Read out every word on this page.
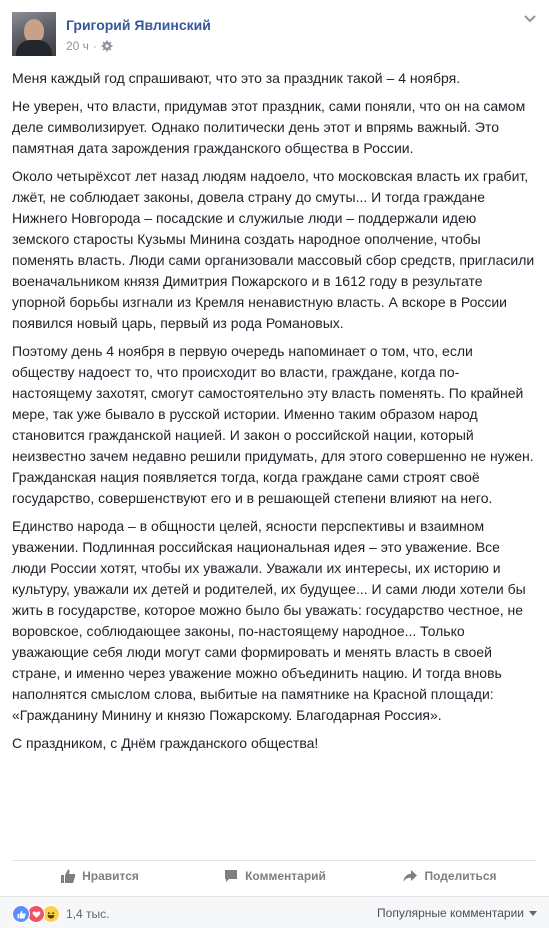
Григорий Явлинский
20 ч ·

Меня каждый год спрашивают, что это за праздник такой – 4 ноября.

Не уверен, что власти, придумав этот праздник, сами поняли, что он на самом деле символизирует. Однако политически день этот и впрямь важный. Это памятная дата зарождения гражданского общества в России.

Около четырёхсот лет назад людям надоело, что московская власть их грабит, лжёт, не соблюдает законы, довела страну до смуты... И тогда граждане Нижнего Новгорода – посадские и служилые люди – поддержали идею земского старосты Кузьмы Минина создать народное ополчение, чтобы поменять власть. Люди сами организовали массовый сбор средств, пригласили военачальником князя Димитрия Пожарского и в 1612 году в результате упорной борьбы изгнали из Кремля ненавистную власть. А вскоре в России появился новый царь, первый из рода Романовых.

Поэтому день 4 ноября в первую очередь напоминает о том, что, если обществу надоест то, что происходит во власти, граждане, когда по-настоящему захотят, смогут самостоятельно эту власть поменять. По крайней мере, так уже бывало в русской истории. Именно таким образом народ становится гражданской нацией. И закон о российской нации, который неизвестно зачем недавно решили придумать, для этого совершенно не нужен. Гражданская нация появляется тогда, когда граждане сами строят своё государство, совершенствуют его и в решающей степени влияют на него.

Единство народа – в общности целей, ясности перспективы и взаимном уважении. Подлинная российская национальная идея – это уважение. Все люди России хотят, чтобы их уважали. Уважали их интересы, их историю и культуру, уважали их детей и родителей, их будущее... И сами люди хотели бы жить в государстве, которое можно было бы уважать: государство честное, не воровское, соблюдающее законы, по-настоящему народное... Только уважающие себя люди могут сами формировать и менять власть в своей стране, и именно через уважение можно объединить нацию. И тогда вновь наполнятся смыслом слова, выбитые на памятнике на Красной площади: «Гражданину Минину и князю Пожарскому. Благодарная Россия».

С праздником, с Днём гражданского общества!

Нравится	Комментарий	Поделиться
1,4 тыс.	Популярные комментарии
